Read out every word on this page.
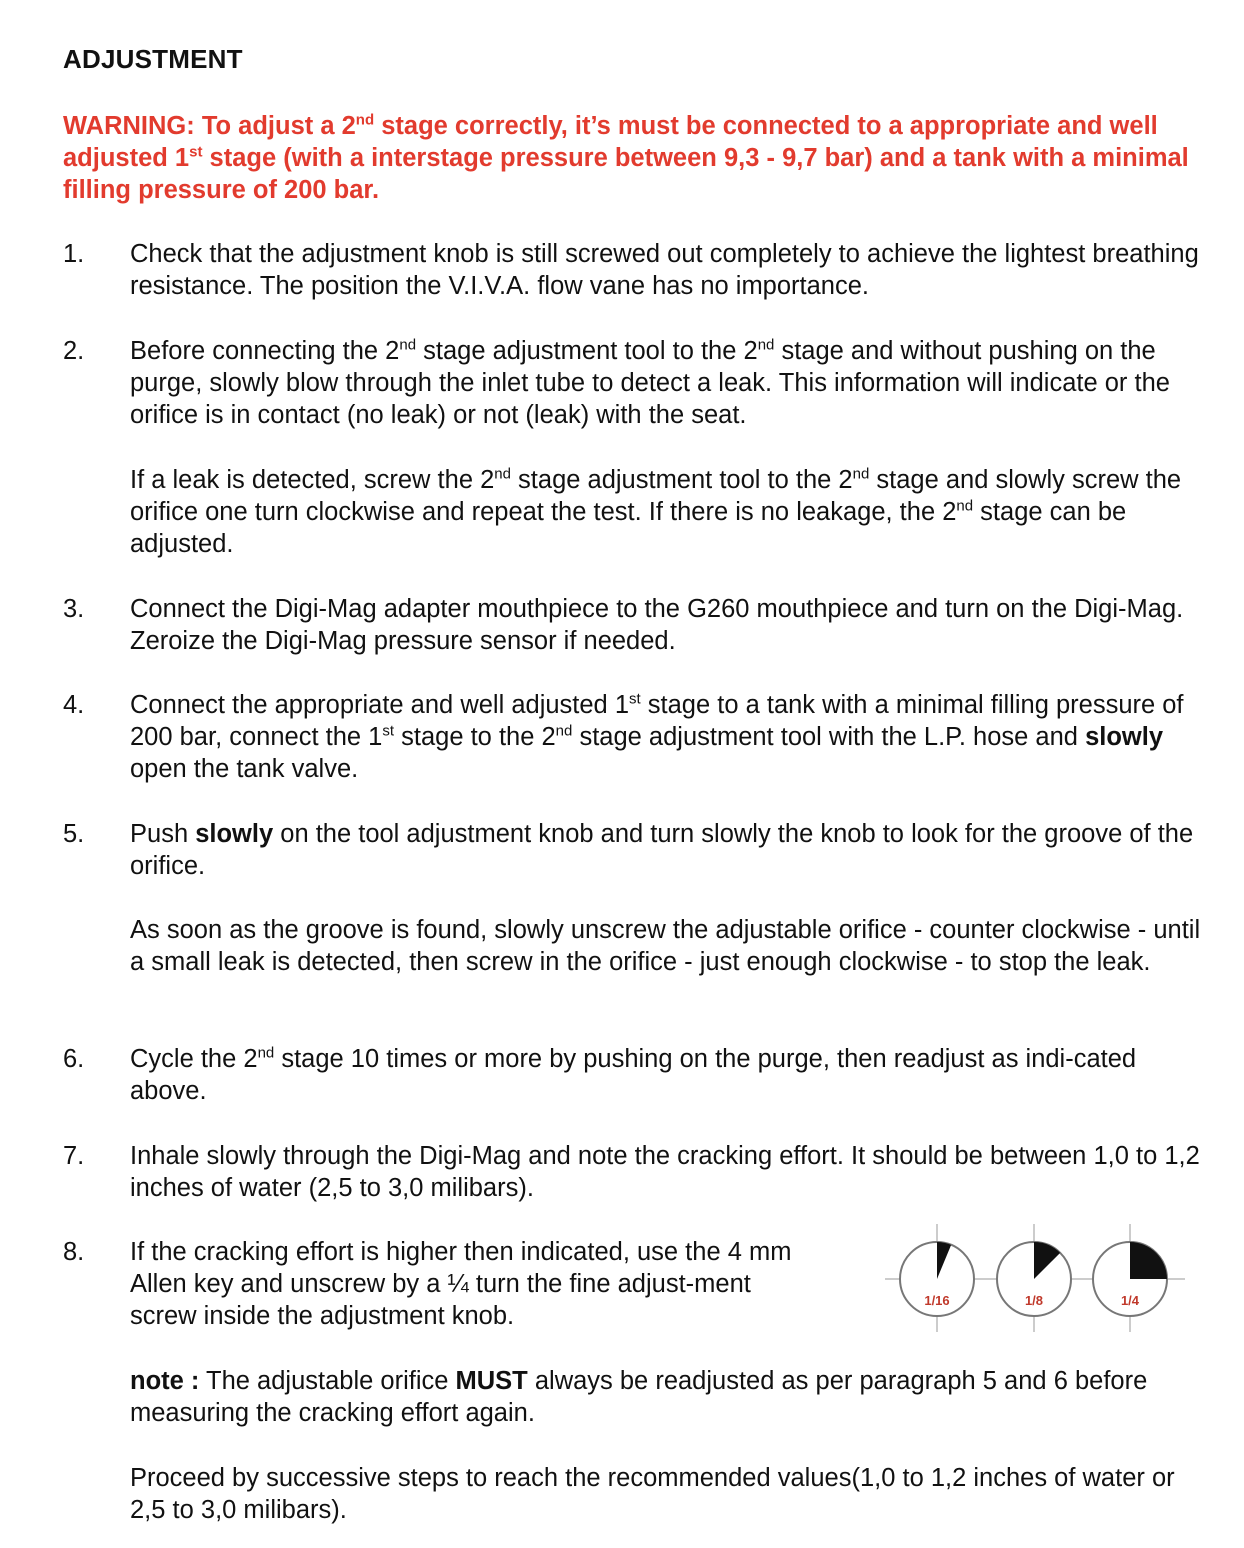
ADJUSTMENT
WARNING: To adjust a 2nd stage correctly, it’s must be connected to a appropriate and well adjusted 1st stage (with a interstage pressure between 9,3 - 9,7 bar) and a tank with a minimal filling pressure of 200 bar.
1. Check that the adjustment knob is still screwed out completely to achieve the lightest breathing resistance. The position the V.I.V.A. flow vane has no importance.
2. Before connecting the 2nd stage adjustment tool to the 2nd stage and without pushing on the purge, slowly blow through the inlet tube to detect a leak. This information will indicate or the orifice is in contact (no leak) or not (leak) with the seat.
If a leak is detected, screw the 2nd stage adjustment tool to the 2nd stage and slowly screw the orifice one turn clockwise and repeat the test. If there is no leakage, the 2nd stage can be adjusted.
3. Connect the Digi-Mag adapter mouthpiece to the G260 mouthpiece and turn on the Digi-Mag. Zeroize the Digi-Mag pressure sensor if needed.
4. Connect the appropriate and well adjusted 1st stage to a tank with a minimal filling pressure of 200 bar, connect the 1st stage to the 2nd stage adjustment tool with the L.P. hose and slowly open the tank valve.
5. Push slowly on the tool adjustment knob and turn slowly the knob to look for the groove of the orifice.
As soon as the groove is found, slowly unscrew the adjustable orifice - counter clockwise - until a small leak is detected, then screw in the orifice - just enough clockwise - to stop the leak.
6. Cycle the 2nd stage 10 times or more by pushing on the purge, then readjust as indi-cated above.
7. Inhale slowly through the Digi-Mag and note the cracking effort. It should be between 1,0 to 1,2 inches of water (2,5 to 3,0 milibars).
8. If the cracking effort is higher then indicated, use the 4 mm Allen key and unscrew by a ¼ turn the fine adjust-ment screw inside the adjustment knob.
1/16	1/8	1/4
note : The adjustable orifice MUST always be readjusted as per paragraph 5 and 6 before measuring the cracking effort again.
Proceed by successive steps to reach the recommended values(1,0 to 1,2 inches of water or 2,5 to 3,0 milibars).
